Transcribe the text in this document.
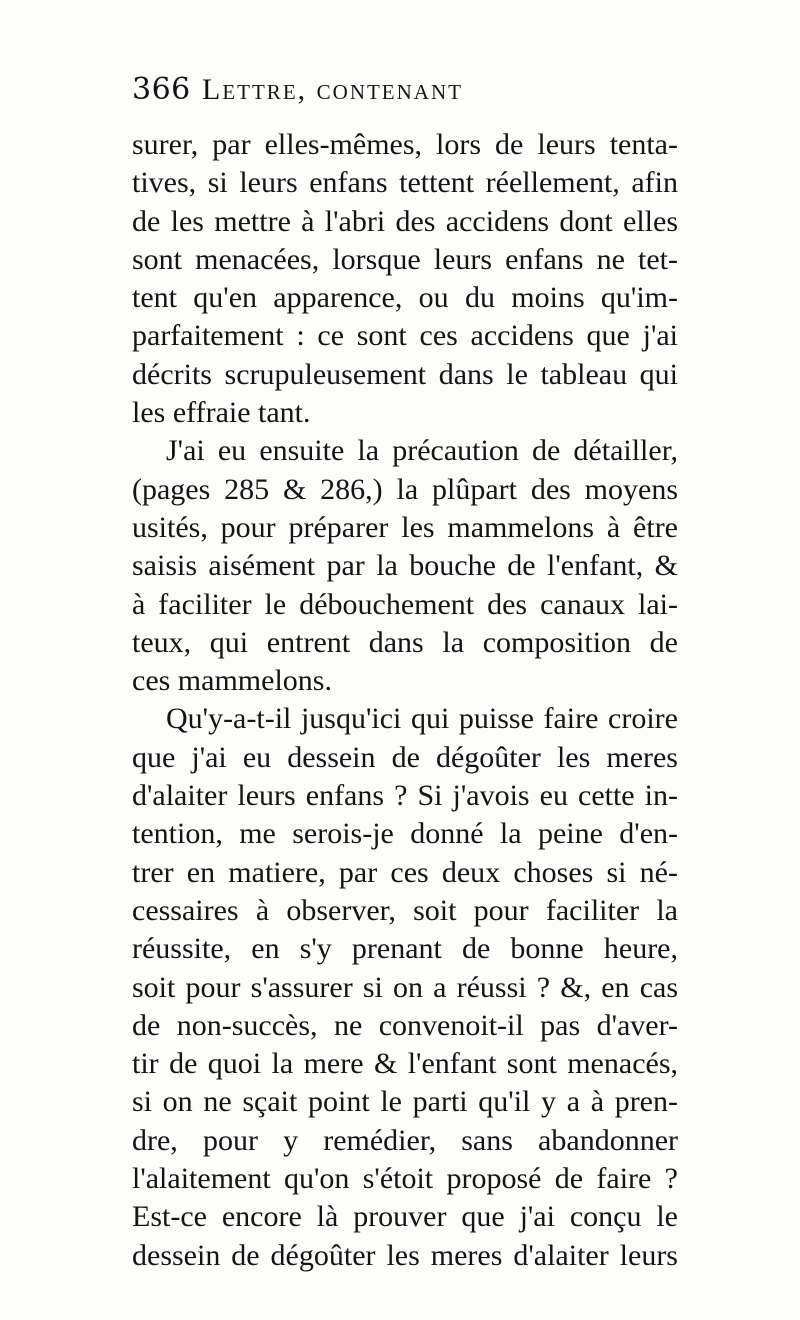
366 Lettre, contenant
surer, par elles-mêmes, lors de leurs tenta-
tives, si leurs enfans tettent réellement, afin
de les mettre à l'abri des accidens dont elles
sont menacées, lorsque leurs enfans ne tet-
tent qu'en apparence, ou du moins qu'im-
parfaitement : ce sont ces accidens que j'ai
décrits scrupuleusement dans le tableau qui
les effraie tant.
J'ai eu ensuite la précaution de détailler,
(pages 285 & 286,) la plûpart des moyens
usités, pour préparer les mammelons à être
saisis aisément par la bouche de l'enfant, &
à faciliter le débouchement des canaux lai-
teux, qui entrent dans la composition de
ces mammelons.
Qu'y-a-t-il jusqu'ici qui puisse faire croire
que j'ai eu dessein de dégoûter les meres
d'alaiter leurs enfans ? Si j'avois eu cette in-
tention, me serois-je donné la peine d'en-
trer en matiere, par ces deux choses si né-
cessaires à observer, soit pour faciliter la
réussite, en s'y prenant de bonne heure,
soit pour s'assurer si on a réussi ? &, en cas
de non-succès, ne convenoit-il pas d'aver-
tir de quoi la mere & l'enfant sont menacés,
si on ne sçait point le parti qu'il y a à pren-
dre, pour y remédier, sans abandonner
l'alaitement qu'on s'étoit proposé de faire ?
Est-ce encore là prouver que j'ai conçu le
dessein de dégoûter les meres d'alaiter leurs
